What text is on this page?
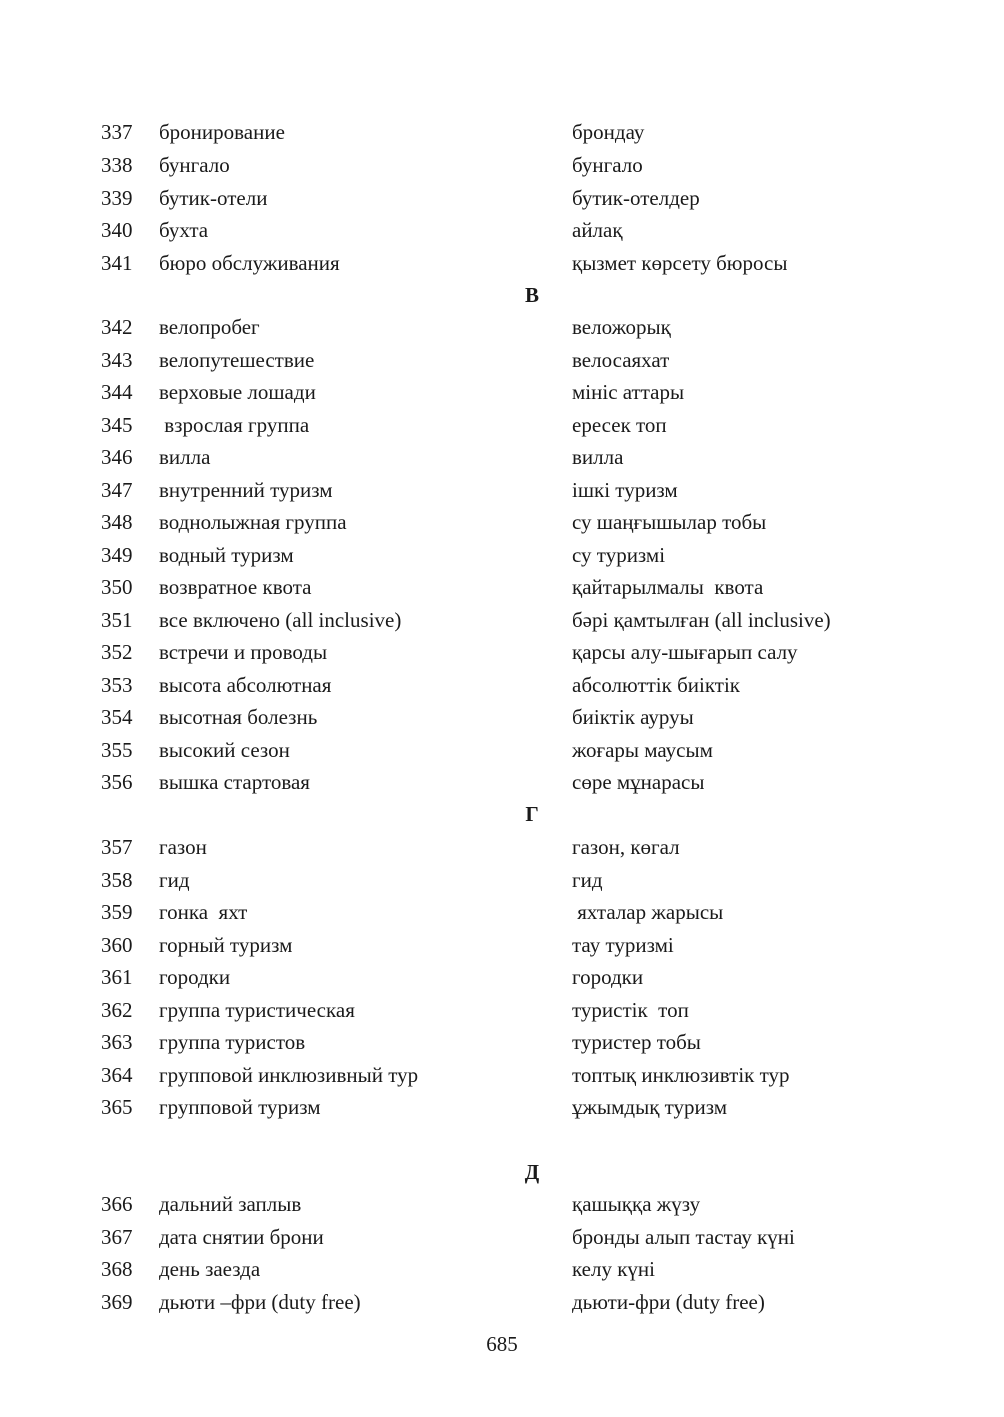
337 бронирование	брондау
338 бунгало	бунгало
339 бутик-отели	бутик-отелдер
340 бухта	айлақ
341 бюро обслуживания	қызмет көрсету бюросы
В
342 велопробег	веложорық
343 велопутешествие	велосаяхат
344 верховые лошади	мініс аттары
345 взрослая группа	ересек топ
346 вилла	вилла
347 внутренний туризм	ішкі туризм
348 воднолыжная группа	су шаңғышылар тобы
349 водный туризм	су туризмі
350 возвратное квота	қайтарылмалы  квота
351 все включено (all inclusive)	бәрі қамтылған (all inclusive)
352 встречи и проводы	қарсы алу-шығарып салу
353 высота абсолютная	абсолюттік биіктік
354 высотная болезнь	биіктік ауруы
355 высокий сезон	жоғары маусым
356 вышка стартовая	сөре мұнарасы
Г
357 газон	газон, көгал
358 гид	гид
359 гонка  яхт	яхталар жарысы
360 горный туризм	тау туризмі
361 городки	городки
362 группа туристическая	туристік  топ
363 группа туристов	туристер тобы
364 групповой инклюзивный тур	топтық инклюзивтік тур
365 групповой туризм	ұжымдық туризм
Д
366 дальний заплыв	қашыққа жүзу
367 дата снятии брони	бронды алып тастау күні
368 день заезда	келу күні
369 дьюти –фри (duty free)	дьюти-фри (duty free)
685
